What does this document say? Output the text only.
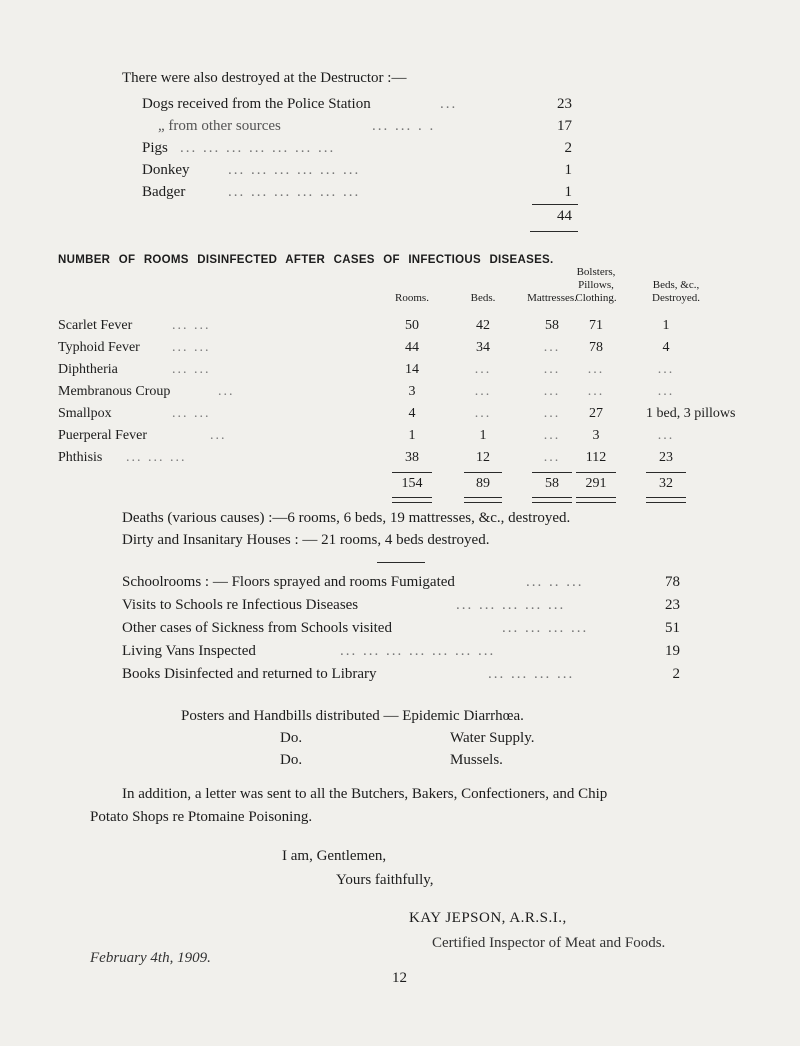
There were also destroyed at the Destructor :—
Dogs received from the Police Station	...	23
„ from other sources	... ... . .	17
Pigs ... ... ... ... ... ... ...	2
Donkey	... ... ... ... ... ...	1
Badger	... ... ... ... ... ...	1
44
NUMBER OF ROOMS DISINFECTED AFTER CASES OF INFECTIOUS DISEASES.
Rooms.	Beds.	Mattresses.
Bolsters,
Pillows,
Clothing.
Beds, &c.,
Destroyed.
Scarlet Fever	... ...	50	42	58	71	1
Typhoid Fever ... ...	44	34	...	78	4
Diphtheria	... ...	14	...	...	...	...
Membranous Croup	...	3	...	...	...	...
Smallpox	... ...	4	...	...	27	1 bed, 3 pillows
Puerperal Fever	...	1	1	...	3	...
Phthisis ... ... ...	38	12	...	112	23
154	89	58	291	32
Deaths (various causes) :—6 rooms, 6 beds, 19 mattresses, &c., destroyed.
Dirty and Insanitary Houses : — 21 rooms, 4 beds destroyed.
Schoolrooms : — Floors sprayed and rooms Fumigated	... .. ...	78
Visits to Schools re Infectious Diseases	... ... ... ... ...	23
Other cases of Sickness from Schools visited	... ... ... ...	51
Living Vans Inspected	... ... ... ... ... ... ...	19
Books Disinfected and returned to Library	... ... ... ...	2
Posters and Handbills distributed — Epidemic Diarrhœa.
Do.	Water Supply.
Do.	Mussels.
In addition, a letter was sent to all the Butchers, Bakers, Confectioners, and Chip
Potato Shops re Ptomaine Poisoning.
I am, Gentlemen,
Yours faithfully,
KAY JEPSON, A.R.S.I.,
Certified Inspector of Meat and Foods.
February 4th, 1909.
12
